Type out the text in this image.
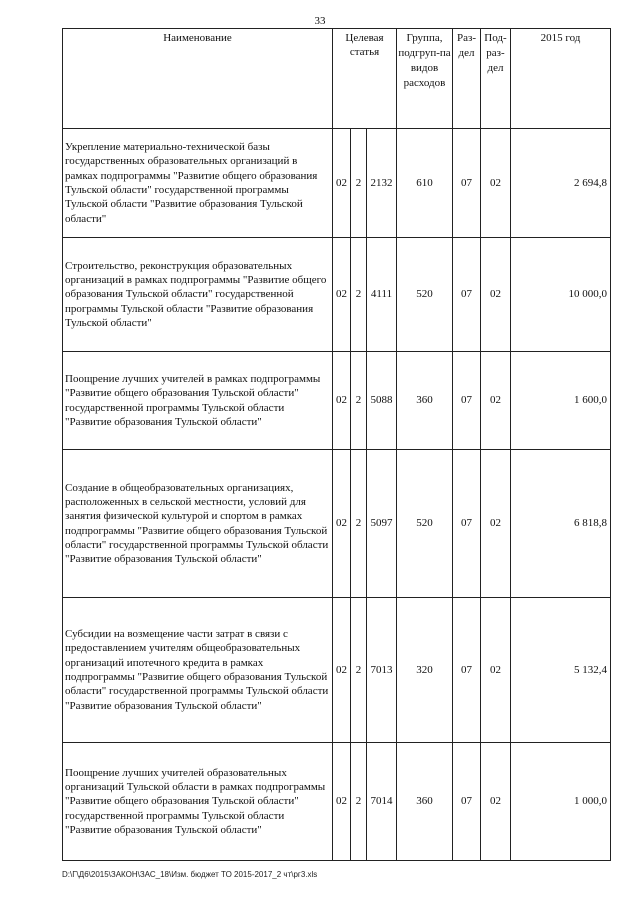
33
Наименование	Целевая статья			Группа, подгруп-па видов расходов	Раз-дел	Под-раз-дел	2015 год
Укрепление материально-технической базы государственных образовательных организаций в рамках подпрограммы "Развитие общего образования Тульской области" государственной программы Тульской области "Развитие образования Тульской области"	02	2	2132	610	07	02	2 694,8
Строительство, реконструкция образовательных организаций в рамках подпрограммы "Развитие общего образования Тульской области" государственной программы Тульской области "Развитие образования Тульской области"	02	2	4111	520	07	02	10 000,0
Поощрение лучших учителей в рамках подпрограммы "Развитие общего образования Тульской области" государственной программы Тульской области "Развитие образования Тульской области"	02	2	5088	360	07	02	1 600,0
Создание в общеобразовательных организациях, расположенных в сельской местности, условий для занятия физической культурой и спортом в рамках подпрограммы "Развитие общего образования Тульской области" государственной программы Тульской области "Развитие образования Тульской области"	02	2	5097	520	07	02	6 818,8
Субсидии на возмещение части затрат в связи с предоставлением учителям общеобразовательных организаций ипотечного кредита в рамках подпрограммы "Развитие общего образования Тульской области" государственной программы Тульской области "Развитие образования Тульской области"	02	2	7013	320	07	02	5 132,4
Поощрение лучших учителей образовательных организаций Тульской области в рамках подпрограммы "Развитие общего образования Тульской области" государственной программы Тульской области "Развитие образования Тульской области"	02	2	7014	360	07	02	1 000,0
D:\Г\Д6\2015\ЗАКОН\ЗАС_18\Изм. бюджет ТО 2015-2017_2 чт\рг3.xls
